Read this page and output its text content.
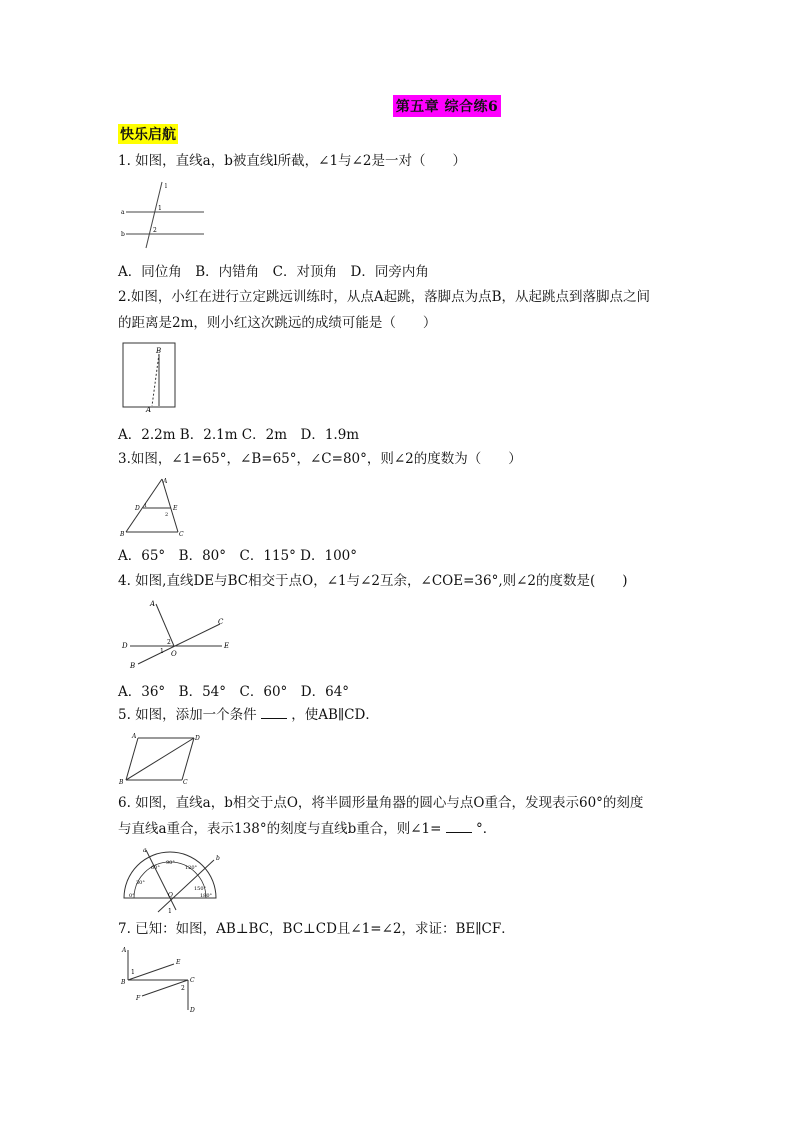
第五章 综合练6
快乐启航
1. 如图，直线a，b被直线l所截，∠1与∠2是一对（　　）
l
a
b
1
2
A．同位角　B．内错角　C．对顶角　D．同旁内角
2.如图，小红在进行立定跳远训练时，从点A起跳，落脚点为点B，从起跳点到落脚点之间
的距离是2m，则小红这次跳远的成绩可能是（　　）
B
A
A．2.2m B．2.1m C．2m　D．1.9m
3.如图，∠1=65°，∠B=65°，∠C=80°，则∠2的度数为（　　）
A
D	E
B	C
1
2
A．65°　B．80°　C．115° D．100°
4. 如图,直线DE与BC相交于点O，∠1与∠2互余，∠COE=36°,则∠2的度数是(　　)
A
C
D	E
B
O
1
2
A．36°　B．54°　C．60°　D．64°
5. 如图，添加一个条件	，使AB∥CD．
A	D
B	C
6. 如图，直线a，b相交于点O，将半圆形量角器的圆心与点O重合，发现表示60°的刻度
与直线a重合，表示138°的刻度与直线b重合，则∠1=	°．
a
b
60°
90°
120°
30°
150°
0°	180°
O
1
7. 已知：如图，AB⊥BC，BC⊥CD且∠1=∠2，求证：BE∥CF．
A
E
1
B	C
2
F
D
